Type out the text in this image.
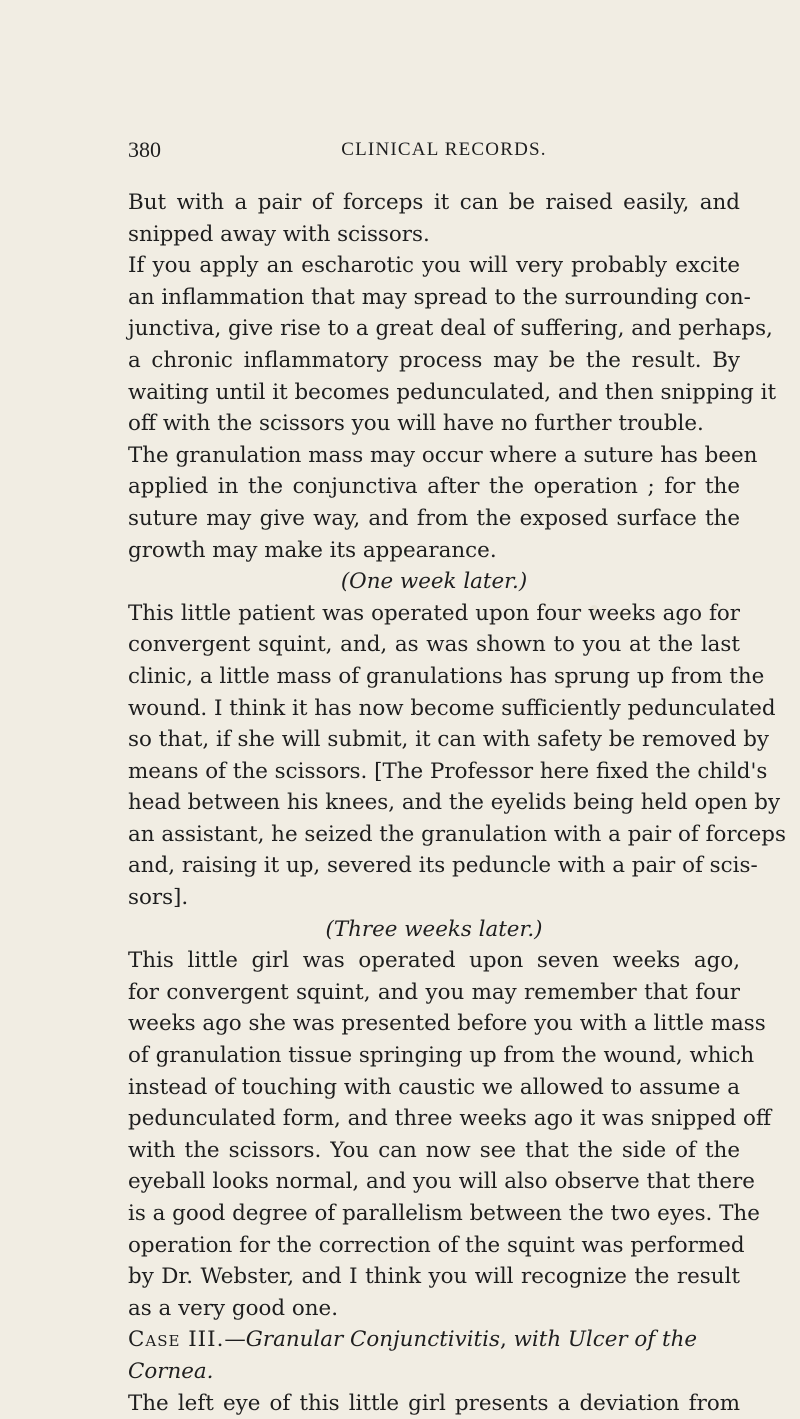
380	CLINICAL RECORDS.
But with a pair of forceps it can be raised easily, and
snipped away with scissors.
If you apply an escharotic you will very probably excite
an inflammation that may spread to the surrounding con-
junctiva, give rise to a great deal of suffering, and perhaps,
a chronic inflammatory process may be the result. By
waiting until it becomes pedunculated, and then snipping it
off with the scissors you will have no further trouble.
The granulation mass may occur where a suture has been
applied in the conjunctiva after the operation ; for the
suture may give way, and from the exposed surface the
growth may make its appearance.
(One week later.)
This little patient was operated upon four weeks ago for
convergent squint, and, as was shown to you at the last
clinic, a little mass of granulations has sprung up from the
wound. I think it has now become sufficiently pedunculated
so that, if she will submit, it can with safety be removed by
means of the scissors. [The Professor here fixed the child's
head between his knees, and the eyelids being held open by
an assistant, he seized the granulation with a pair of forceps
and, raising it up, severed its peduncle with a pair of scis-
sors].
(Three weeks later.)
This little girl was operated upon seven weeks ago,
for convergent squint, and you may remember that four
weeks ago she was presented before you with a little mass
of granulation tissue springing up from the wound, which
instead of touching with caustic we allowed to assume a
pedunculated form, and three weeks ago it was snipped off
with the scissors. You can now see that the side of the
eyeball looks normal, and you will also observe that there
is a good degree of parallelism between the two eyes. The
operation for the correction of the squint was performed
by Dr. Webster, and I think you will recognize the result
as a very good one.
Case III.—Granular Conjunctivitis, with Ulcer of the
Cornea.
The left eye of this little girl presents a deviation from
